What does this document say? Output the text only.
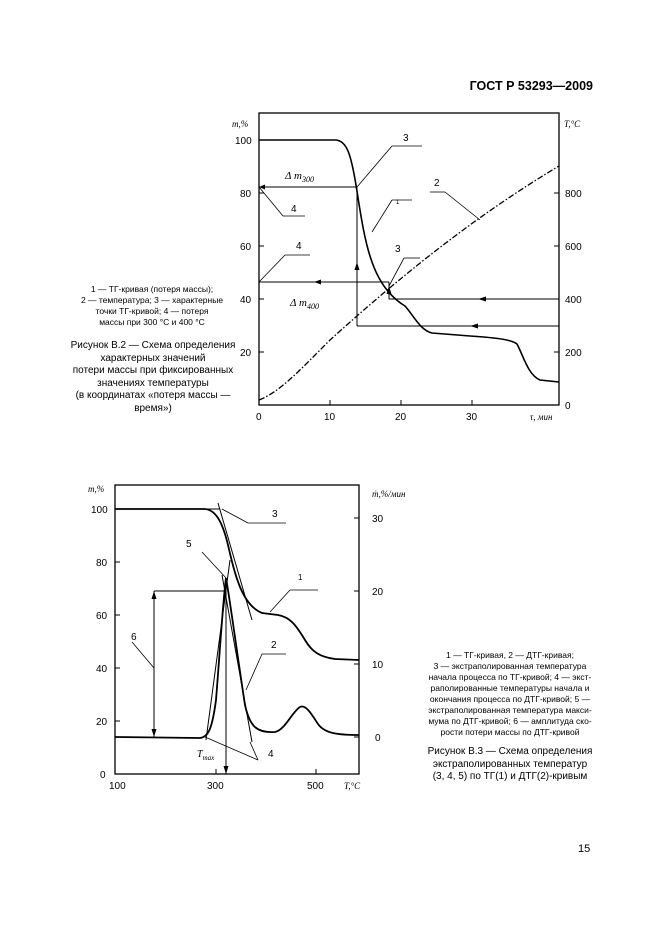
ГОСТ Р 53293—2009
100
80
60
40
20
800
600
400
200
0
0	10	20	30
m,%	T,°C
τ, мин
3
2
1
4
4	3
Δ $m_{300}$
Δ $m_{400}$
100
80
60
40
20
0
30
20
10
0
100	300	500
m,%	ṁ,%/мин
T,°C
3
5
1
6
2
4
$T_{max}$
1 — ТГ-кривая (потеря массы);
2 — температура; 3 — характерные
точки ТГ-кривой; 4 — потеря
массы при 300 °С и 400 °С
Рисунок В.2 — Схема определения
характерных значений
потери массы при фиксированных
значениях температуры
(в координатах «потеря массы —
время»)
1 — ТГ-кривая, 2 — ДТГ-кривая;
3 — экстраполированная температура
начала процесса по ТГ-кривой; 4 — экст-
раполированные температуры начала и
окончания процесса по ДТГ-кривой; 5 —
экстраполированная температура макси-
мума по ДТГ-кривой; 6 — амплитуда ско-
рости потери массы по ДТГ-кривой
Рисунок В.3 — Схема определения
экстраполированных температур
(3, 4, 5) по ТГ(1) и ДТГ(2)-кривым
15
